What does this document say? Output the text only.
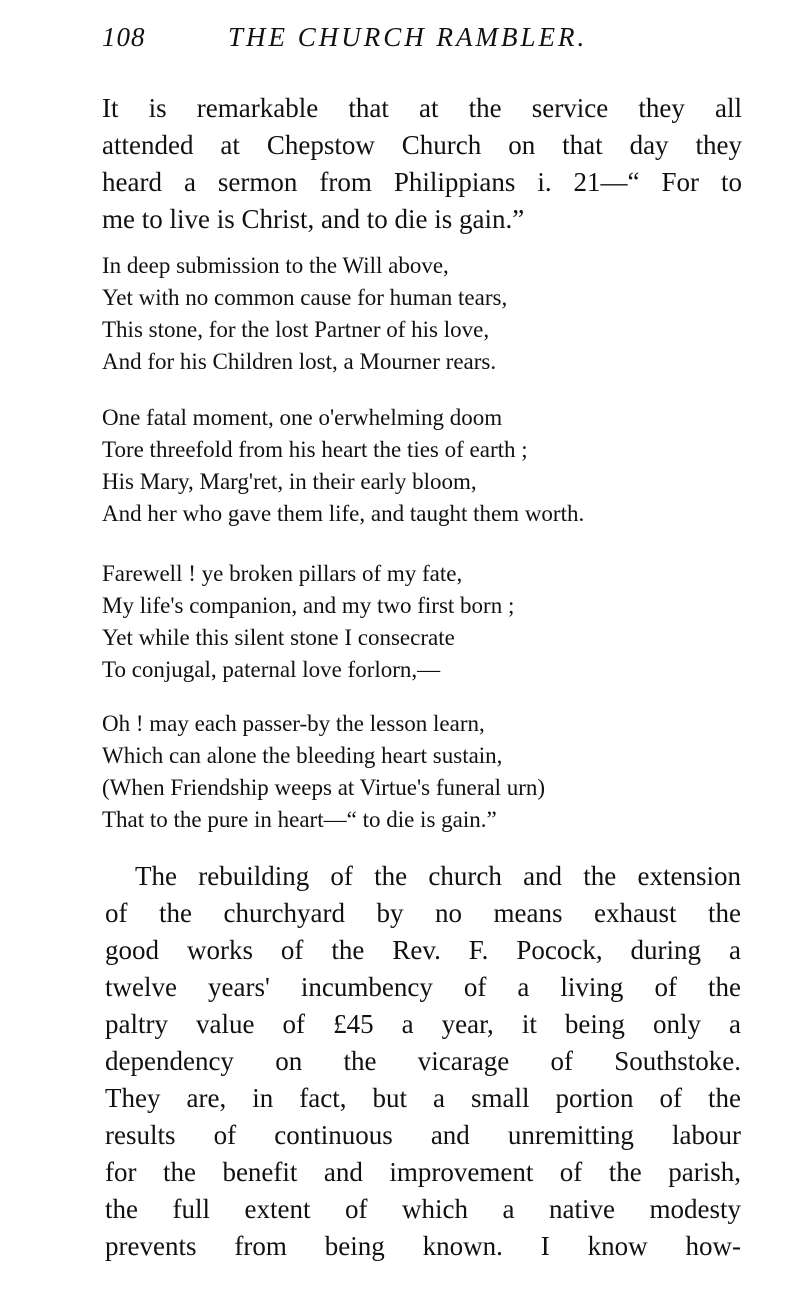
108	THE CHURCH RAMBLER.

It is remarkable that at the service they all
attended at Chepstow Church on that day they
heard a sermon from Philippians i. 21—“ For to
me to live is Christ, and to die is gain.”

In deep submission to the Will above,
Yet with no common cause for human tears,
This stone, for the lost Partner of his love,
And for his Children lost, a Mourner rears.
One fatal moment, one o'erwhelming doom
Tore threefold from his heart the ties of earth ;
His Mary, Marg'ret, in their early bloom,
And her who gave them life, and taught them worth.
Farewell ! ye broken pillars of my fate,
My life's companion, and my two first born ;
Yet while this silent stone I consecrate
To conjugal, paternal love forlorn,—
Oh ! may each passer-by the lesson learn,
Which can alone the bleeding heart sustain,
(When Friendship weeps at Virtue's funeral urn)
That to the pure in heart—“ to die is gain.”

The rebuilding of the church and the extension
of the churchyard by no means exhaust the
good works of the Rev. F. Pocock, during a
twelve years' incumbency of a living of the
paltry value of £45 a year, it being only a
dependency on the vicarage of Southstoke.
They are, in fact, but a small portion of the
results of continuous and unremitting labour
for the benefit and improvement of the parish,
the full extent of which a native modesty
prevents from being known. I know how-
